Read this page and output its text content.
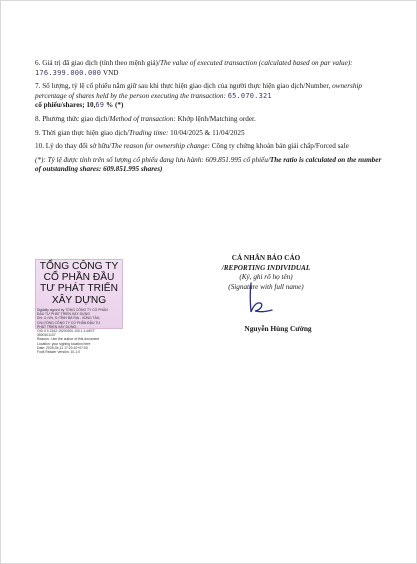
6. Giá trị đã giao dịch (tính theo mệnh giá)/The value of executed transaction (calculated based on par value): 176.399.000.000 VND
7. Số lượng, tỷ lệ cổ phiếu nắm giữ sau khi thực hiện giao dịch của người thực hiện giao dịch/Number, ownership percentage of shares held by the person executing the transaction: 65.070.321
cổ phiếu/shares; 10,69 % (*)
8. Phương thức giao dịch/Method of transaction: Khớp lệnh/Matching order.
9. Thời gian thực hiện giao dịch/Trading time: 10/04/2025 & 11/04/2025
10. Lý do thay đổi sở hữu/The reason for ownership change: Công ty chứng khoán bán giải chấp/Forced sale
(*): Tỷ lệ được tính trên số lượng cổ phiếu đang lưu hành: 609.851.995 cổ phiếu/The ratio is calculated on the number of outstanding shares: 609.851.995 shares)
TỔNG CÔNG TY CỔ PHẦN ĐẦU TƯ PHÁT TRIỂN XÂY DỰNG
Digitally signed by TỔNG CÔNG TY CỔ PHẦN
ĐẦU TƯ PHÁT TRIỂN XÂY DỰNG
DN: C=VN, S=TỈNH BÀ RỊA - VŨNG TÀU,
CN=TỔNG CÔNG TY CỔ PHẦN ĐẦU TƯ
PHÁT TRIỂN XÂY DỰNG,
OID.0.9.2342.19200300.100.1.1=MST:
3500101107
Reason: I am the author of this document
Location: your signing location here
Date: 2025-04-11 17:23:10+07:00
Foxit Reader Version: 10.1.0
CÁ NHÂN BÁO CÁO
/REPORTING INDIVIDUAL
(Ký, ghi rõ họ tên)
(Signature with full name)
Nguyễn Hùng Cường
